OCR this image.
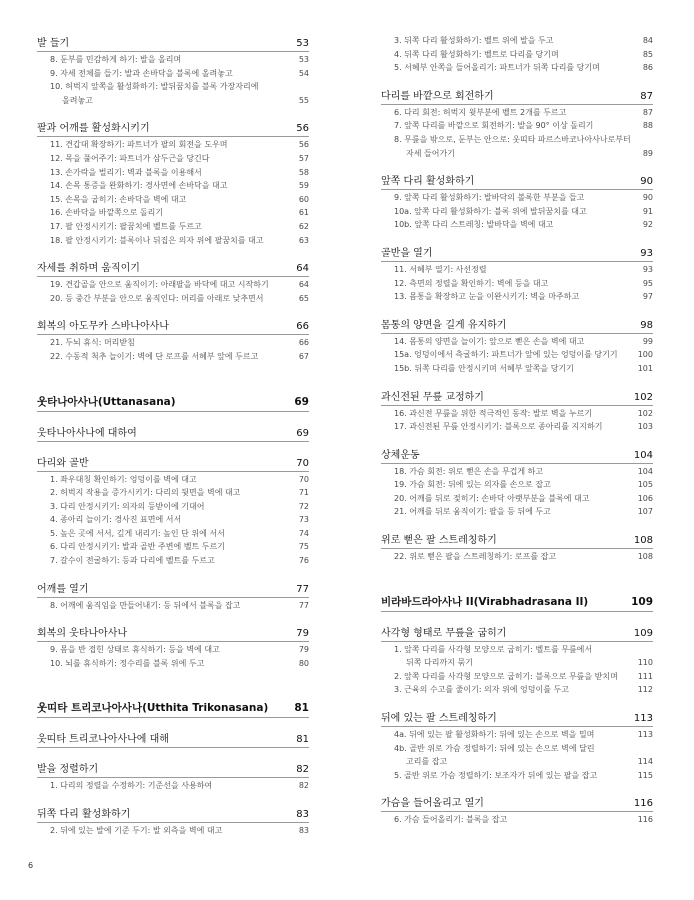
발 들기	53
8. 둔부를 민감하게 하기: 발을 올리며	53
9. 자세 전체를 들기: 발과 손바닥을 블록에 올려놓고	54
10. 허벅지 앞쪽을 활성화하기: 발뒤꿈치를 블록 가장자리에
올려놓고	55
팔과 어깨를 활성화시키기	56
11. 견갑대 확장하기: 파트너가 팔의 회전을 도우며	56
12. 목을 풀어주기: 파트너가 삼두근을 당긴다	57
13. 손가락을 벌리기: 벽과 블록을 이용해서	58
14. 손목 통증을 완화하기: 경사면에 손바닥을 대고	59
15. 손목을 굽히기: 손바닥을 벽에 대고	60
16. 손바닥을 바깥쪽으로 돌리기	61
17. 팔 안정시키기: 팔꿈치에 벨트를 두르고	62
18. 팔 안정시키기: 블록이나 뒤집은 의자 위에 팔꿈치를 대고	63
자세를 취하며 움직이기	64
19. 견갑골을 안으로 움직이기: 아래팔을 바닥에 대고 시작하기	64
20. 등 중간 부분을 안으로 움직인다: 머리를 아래로 낮추면서	65
회복의 아도무카 스바나아사나	66
21. 두뇌 휴식: 머리받침	66
22. 수동적 척추 늘이기: 벽에 단 로프를 서혜부 앞에 두르고	67
웃타나아사나(Uttanasana)	69
웃타나아사나에 대하여	69
다리와 골반	70
1. 좌우대칭 확인하기: 엉덩이를 벽에 대고	70
2. 허벅지 작용을 증가시키기: 다리의 뒷면을 벽에 대고	71
3. 다리 안정시키기: 의자의 등받이에 기대어	72
4. 종아리 늘이기: 경사진 표면에 서서	73
5. 높은 곳에 서서, 깊게 내리기: 높인 단 위에 서서	74
6. 다리 안정시키기: 발과 골반 주변에 벨트 두르기	75
7. 갈수이 전굴하기: 등과 다리에 벨트를 두르고	76
어깨를 열기	77
8. 어깨에 움직임을 만들어내기: 등 뒤에서 블록을 잡고	77
회복의 웃타나아사나	79
9. 몸을 반 접힌 상태로 휴식하기: 등을 벽에 대고	79
10. 뇌를 휴식하기: 정수리를 블록 위에 두고	80
웃띠타 트리코나아사나(Utthita Trikonasana) 81
웃띠타 트리코나아사나에 대해	81
발을 정렬하기	82
1. 다리의 정렬을 수정하기: 기준선을 사용하여	82
뒤쪽 다리 활성화하기	83
2. 뒤에 있는 발에 기준 두기: 발 외측을 벽에 대고	83
3. 뒤쪽 다리 활성화하기: 벨트 위에 발을 두고	84
4. 뒤쪽 다리 활성화하기: 벨트로 다리를 당기며	85
5. 서혜부 안쪽을 들어올리기: 파트너가 뒤쪽 다리를 당기며	86
다리를 바깥으로 회전하기	87
6. 다리 회전: 허벅지 윗부분에 벨트 2개를 두르고	87
7. 앞쪽 다리를 바깥으로 회전하기: 발을 90° 이상 돌리기	88
8. 무릎을 밖으로, 둔부는 안으로: 웃띠타 파르스바코나아사나로부터
자세 들어가기	89
앞쪽 다리 활성화하기	90
9. 앞쪽 다리 활성화하기: 발바닥의 볼록한 부분을 들고	90
10a. 앞쪽 다리 활성화하기: 블록 위에 발뒤꿈치를 대고	91
10b. 앞쪽 다리 스트레칭: 발바닥을 벽에 대고	92
골반을 열기	93
11. 서혜부 열기: 사선정렬	93
12. 측면의 정렬을 확인하기: 벽에 등을 대고	95
13. 몸통을 확장하고 눈을 이완시키기: 벽을 마주하고	97
몸통의 양면을 길게 유지하기	98
14. 몸통의 양면을 늘이기: 앞으로 뻗은 손을 벽에 대고	99
15a. 엉덩이에서 측굴하기: 파트너가 앞에 있는 엉덩이를 당기기	100
15b. 뒤쪽 다리를 안정시키며 서혜부 앞쪽을 당기기	101
과신전된 무릎 교정하기	102
16. 과신전 무릎을 위한 적극적인 동작: 발로 벽을 누르기	102
17. 과신전된 무릎 안정시키기: 블록으로 종아리를 지지하기	103
상체운동	104
18. 가슴 회전: 위로 뻗은 손을 무겁게 하고	104
19. 가슴 회전: 뒤에 있는 의자를 손으로 잡고	105
20. 어깨를 뒤로 젖히기: 손바닥 아랫부분을 블록에 대고	106
21. 어깨를 뒤로 움직이기: 팔을 등 뒤에 두고	107
위로 뻗은 팔 스트레칭하기	108
22. 위로 뻗은 팔을 스트레칭하기: 로프를 잡고	108
비라바드라아사나 II(Virabhadrasana II)	109
사각형 형태로 무릎을 굽히기	109
1. 앞쪽 다리를 사각형 모양으로 굽히기: 벨트를 무릎에서
뒤쪽 다리까지 묶기	110
2. 앞쪽 다리를 사각형 모양으로 굽히기: 블록으로 무릎을 받치며	111
3. 근육의 수고를 줄이기: 의자 위에 엉덩이를 두고	112
뒤에 있는 팔 스트레칭하기	113
4a. 뒤에 있는 팔 활성화하기: 뒤에 있는 손으로 벽을 밀며	113
4b. 골반 위로 가슴 정렬하기: 뒤에 있는 손으로 벽에 달린
고리를 잡고	114
5. 골반 위로 가슴 정렬하기: 보조자가 뒤에 있는 팔을 잡고	115
가슴을 들어올리고 열기	116
6. 가슴 들어올리기: 블록을 잡고	116
6
